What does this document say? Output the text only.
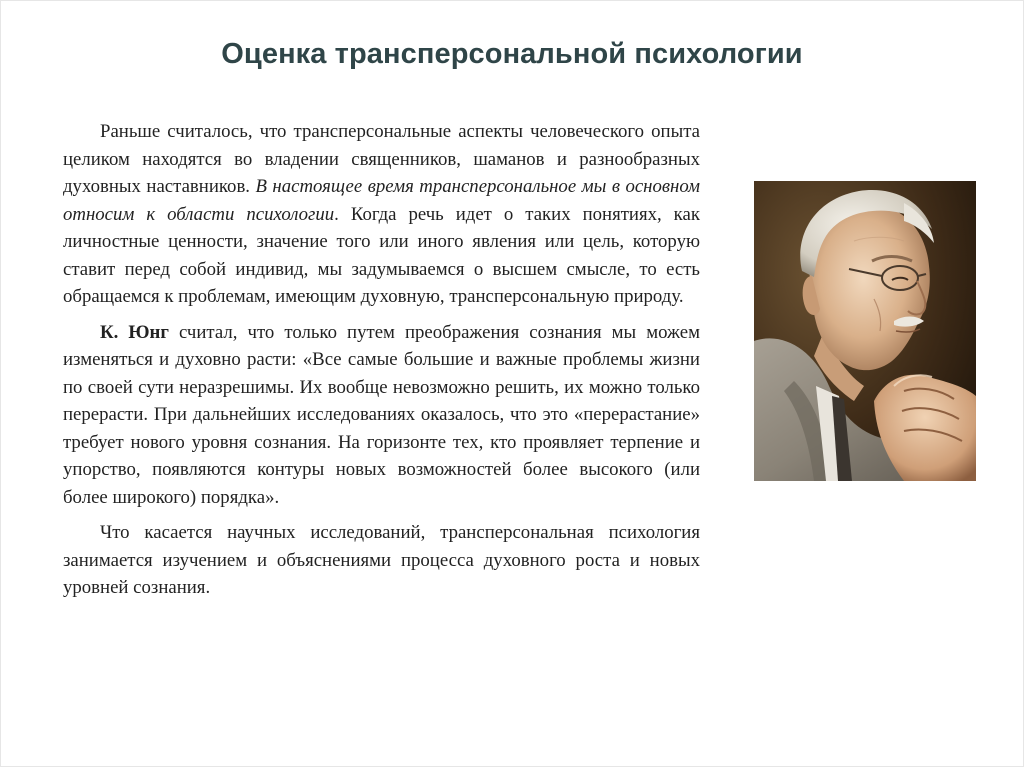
Оценка трансперсональной психологии

Раньше считалось, что трансперсональные аспекты человеческого опыта целиком находятся во владении священников, шаманов и разнообразных духовных наставников. В настоящее время трансперсональное мы в основном относим к области психологии. Когда речь идет о таких понятиях, как личностные ценности, значение того или иного явления или цель, которую ставит перед собой индивид, мы задумываемся о высшем смысле, то есть обращаемся к проблемам, имеющим духовную, трансперсональную природу.

К. Юнг считал, что только путем преображения сознания мы можем изменяться и духовно расти: «Все самые большие и важные проблемы жизни по своей сути неразрешимы. Их вообще невозможно решить, их можно только перерасти. При дальнейших исследованиях оказалось, что это «перерастание» требует нового уровня сознания. На горизонте тех, кто проявляет терпение и упорство, появляются контуры новых возможностей более высокого (или более широкого) порядка».

Что касается научных исследований, трансперсональная психология занимается изучением и объяснениями процесса духовного роста и новых уровней сознания.
